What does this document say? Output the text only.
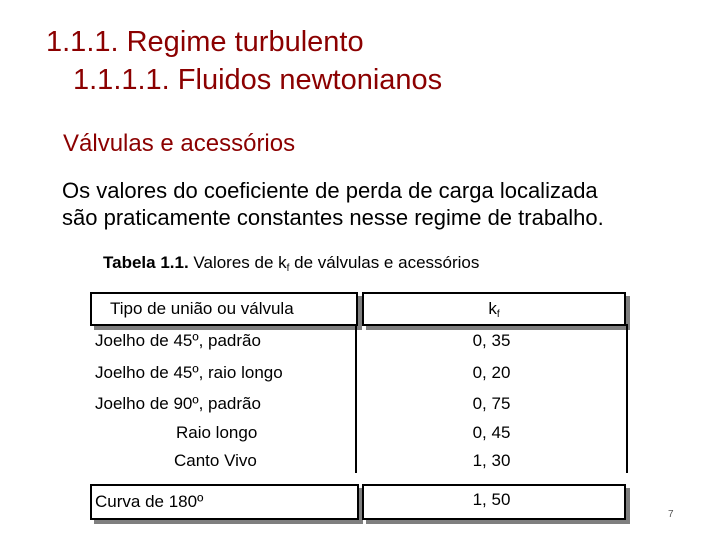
1.1.1. Regime turbulento
1.1.1.1. Fluidos newtonianos
Válvulas e acessórios
Os valores do coeficiente de perda de carga localizada
são praticamente constantes nesse regime de trabalho.
Tabela 1.1. Valores de $k_f$ de válvulas e acessórios
Tipo de união ou válvula	$k_f$
Joelho de 45º, padrão	0, 35
Joelho de 45º, raio longo	0, 20
Joelho de 90º, padrão	0, 75
Raio longo	0, 45
Canto Vivo	1, 30
Curva de 180º	1, 50
7
